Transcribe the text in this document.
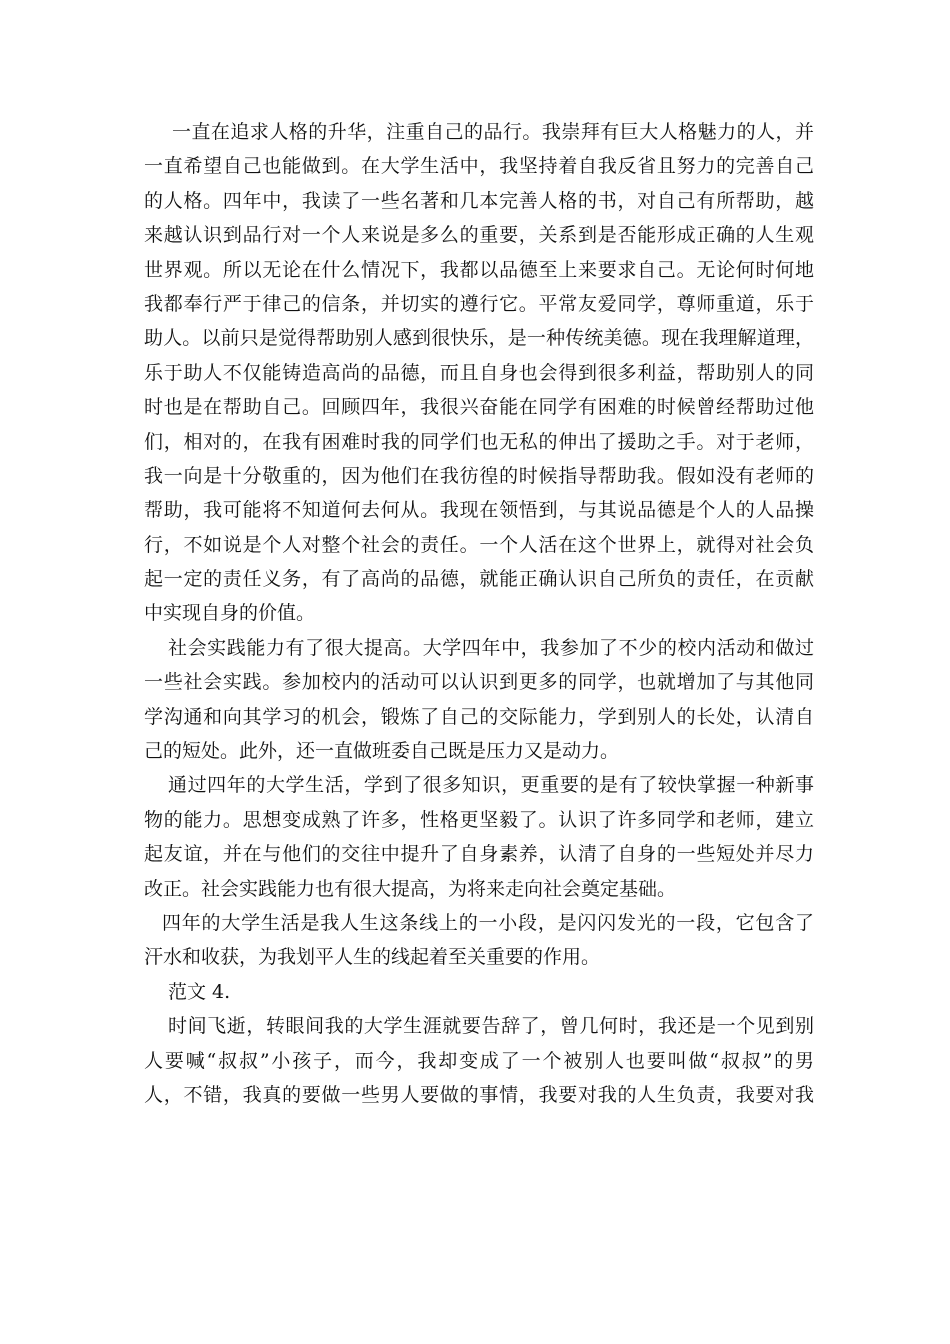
一直在追求人格的升华，注重自己的品行。我崇拜有巨大人格魅力的人，并
一直希望自己也能做到。在大学生活中，我坚持着自我反省且努力的完善自己
的人格。四年中，我读了一些名著和几本完善人格的书，对自己有所帮助，越
来越认识到品行对一个人来说是多么的重要，关系到是否能形成正确的人生观
世界观。所以无论在什么情况下，我都以品德至上来要求自己。无论何时何地
我都奉行严于律己的信条，并切实的遵行它。平常友爱同学，尊师重道，乐于
助人。以前只是觉得帮助别人感到很快乐，是一种传统美德。现在我理解道理，
乐于助人不仅能铸造高尚的品德，而且自身也会得到很多利益，帮助别人的同
时也是在帮助自己。回顾四年，我很兴奋能在同学有困难的时候曾经帮助过他
们，相对的，在我有困难时我的同学们也无私的伸出了援助之手。对于老师，
我一向是十分敬重的，因为他们在我彷徨的时候指导帮助我。假如没有老师的
帮助，我可能将不知道何去何从。我现在领悟到，与其说品德是个人的人品操
行，不如说是个人对整个社会的责任。一个人活在这个世界上，就得对社会负
起一定的责任义务，有了高尚的品德，就能正确认识自己所负的责任，在贡献
中实现自身的价值。
社会实践能力有了很大提高。大学四年中，我参加了不少的校内活动和做过
一些社会实践。参加校内的活动可以认识到更多的同学，也就增加了与其他同
学沟通和向其学习的机会，锻炼了自己的交际能力，学到别人的长处，认清自
己的短处。此外，还一直做班委自己既是压力又是动力。
通过四年的大学生活，学到了很多知识，更重要的是有了较快掌握一种新事
物的能力。思想变成熟了许多，性格更坚毅了。认识了许多同学和老师，建立
起友谊，并在与他们的交往中提升了自身素养，认清了自身的一些短处并尽力
改正。社会实践能力也有很大提高，为将来走向社会奠定基础。
四年的大学生活是我人生这条线上的一小段，是闪闪发光的一段，它包含了
汗水和收获，为我划平人生的线起着至关重要的作用。
范文 4.
时间飞逝，转眼间我的大学生涯就要告辞了，曾几何时，我还是一个见到别
人要喊“叔叔”小孩子，而今，我却变成了一个被别人也要叫做“叔叔”的男
人，不错，我真的要做一些男人要做的事情，我要对我的人生负责，我要对我
